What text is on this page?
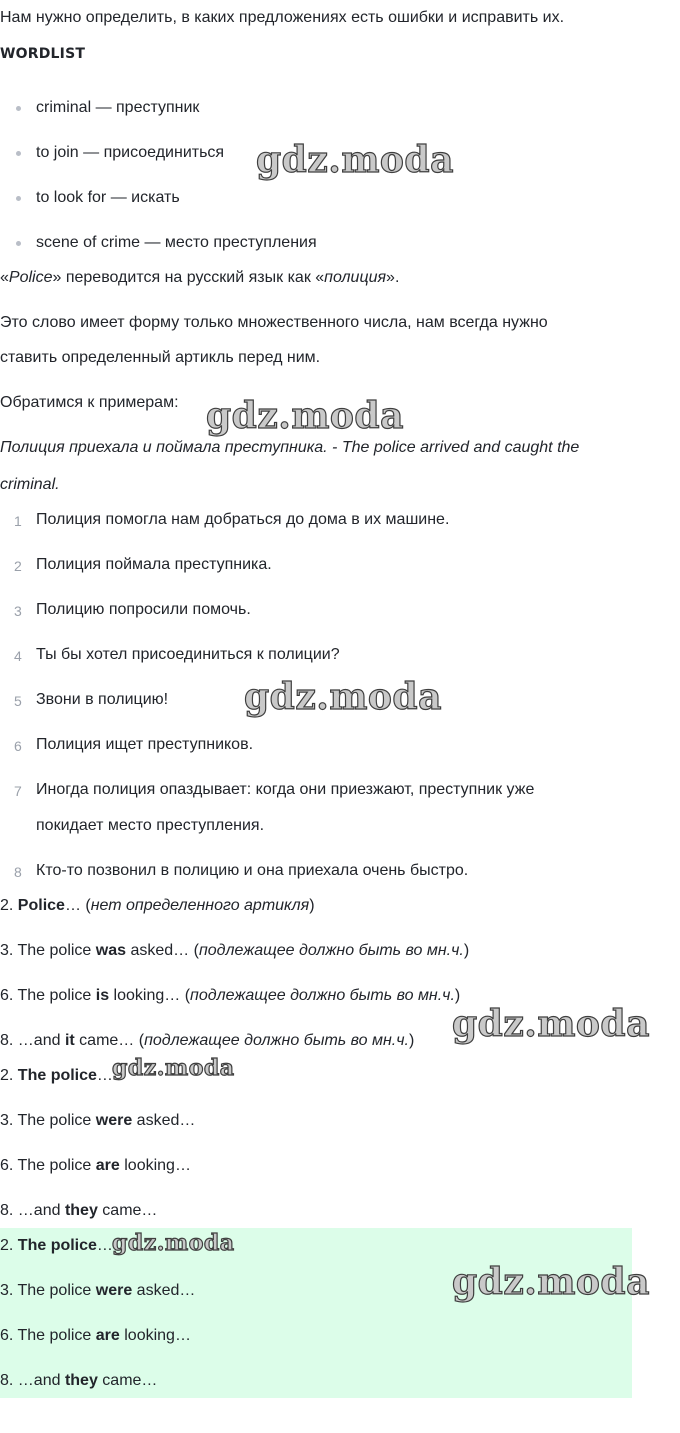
Нам нужно определить, в каких предложениях есть ошибки и исправить их.
WORDLIST
criminal — преступник
to join — присоединиться
to look for — искать
scene of crime — место преступления
«Police» переводится на русский язык как «полиция».
Это слово имеет форму только множественного числа, нам всегда нужно
ставить определенный артикль перед ним.
Обратимся к примерам:
Полиция приехала и поймала преступника. - The police arrived and caught the
criminal.
1 Полиция помогла нам добраться до дома в их машине.
2 Полиция поймала преступника.
3 Полицию попросили помочь.
4 Ты бы хотел присоединиться к полиции?
5 Звони в полицию!
6 Полиция ищет преступников.
7 Иногда полиция опаздывает: когда они приезжают, преступник уже
покидает место преступления.
8 Кто-то позвонил в полицию и она приехала очень быстро.
2. Police… (нет определенного артикля)
3. The police was asked… (подлежащее должно быть во мн.ч.)
6. The police is looking… (подлежащее должно быть во мн.ч.)
8. …and it came… (подлежащее должно быть во мн.ч.)
2. The police…
3. The police were asked…
6. The police are looking…
8. …and they came…
2. The police…
3. The police were asked…
6. The police are looking…
8. …and they came…
gdz.moda
gdz.moda
gdz.moda
gdz.moda
gdz.moda
gdz.moda
gdz.moda
